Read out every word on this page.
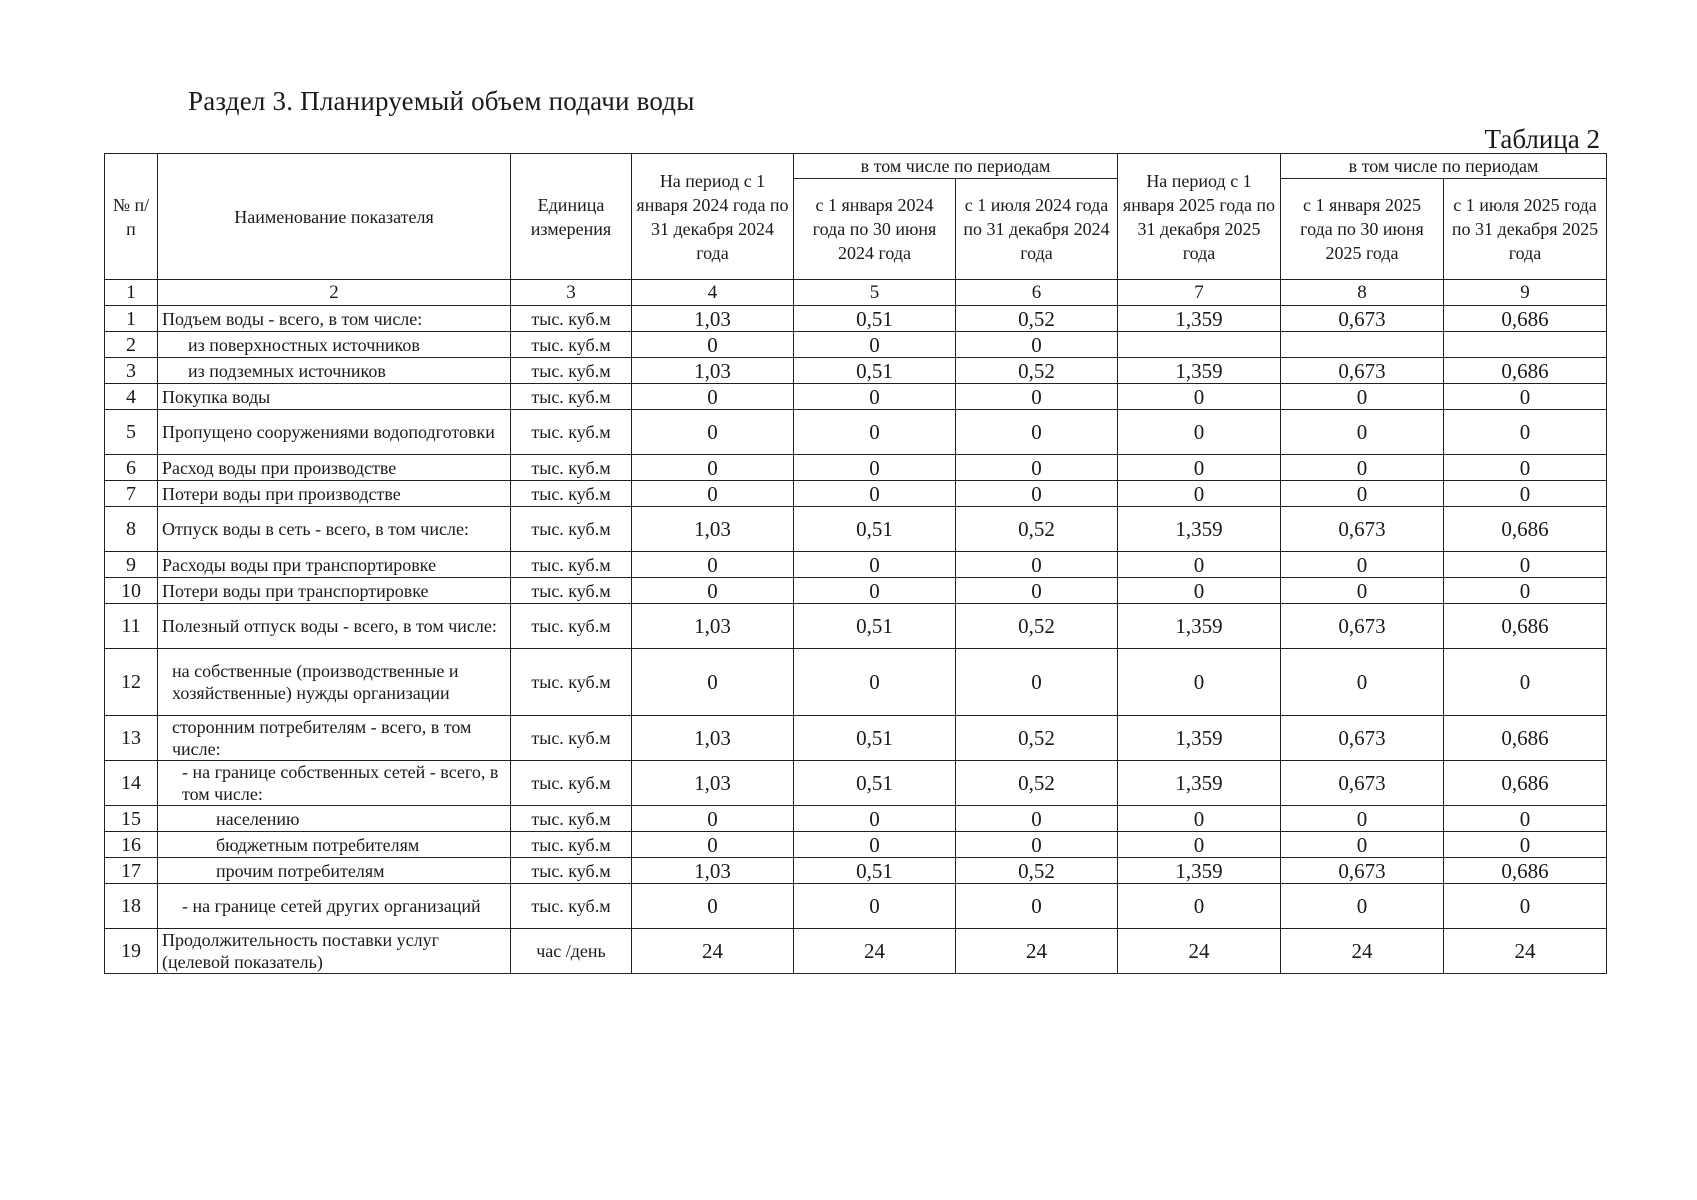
Раздел 3. Планируемый объем подачи воды
Таблица 2
№ п/п	Наименование показателя	Единица измерения	На период с 1 января 2024 года по 31 декабря 2024 года	в том числе по периодам		На период с 1 января 2025 года по 31 декабря 2025 года	в том числе по периодам	
				с 1 января 2024 года по 30 июня 2024 года	с 1 июля 2024 года по 31 декабря 2024 года		с 1 января 2025 года по 30 июня 2025 года	с 1 июля 2025 года по 31 декабря 2025 года
1	2	3	4	5	6	7	8	9
1	Подъем воды - всего, в том числе:	тыс. куб.м	1,03	0,51	0,52	1,359	0,673	0,686
2	из поверхностных источников	тыс. куб.м	0	0	0			
3	из подземных источников	тыс. куб.м	1,03	0,51	0,52	1,359	0,673	0,686
4	Покупка воды	тыс. куб.м	0	0	0	0	0	0
5	Пропущено сооружениями водоподготовки	тыс. куб.м	0	0	0	0	0	0
6	Расход воды при производстве	тыс. куб.м	0	0	0	0	0	0
7	Потери воды при производстве	тыс. куб.м	0	0	0	0	0	0
8	Отпуск воды в сеть - всего, в том числе:	тыс. куб.м	1,03	0,51	0,52	1,359	0,673	0,686
9	Расходы воды при транспортировке	тыс. куб.м	0	0	0	0	0	0
10	Потери воды при транспортировке	тыс. куб.м	0	0	0	0	0	0
11	Полезный отпуск воды - всего, в том числе:	тыс. куб.м	1,03	0,51	0,52	1,359	0,673	0,686
12	на собственные (производственные и хозяйственные) нужды организации	тыс. куб.м	0	0	0	0	0	0
13	сторонним потребителям - всего, в том числе:	тыс. куб.м	1,03	0,51	0,52	1,359	0,673	0,686
14	- на границе собственных сетей - всего, в том числе:	тыс. куб.м	1,03	0,51	0,52	1,359	0,673	0,686
15	населению	тыс. куб.м	0	0	0	0	0	0
16	бюджетным потребителям	тыс. куб.м	0	0	0	0	0	0
17	прочим потребителям	тыс. куб.м	1,03	0,51	0,52	1,359	0,673	0,686
18	- на границе сетей других организаций	тыс. куб.м	0	0	0	0	0	0
19	Продолжительность поставки услуг (целевой показатель)	час /день	24	24	24	24	24	24
